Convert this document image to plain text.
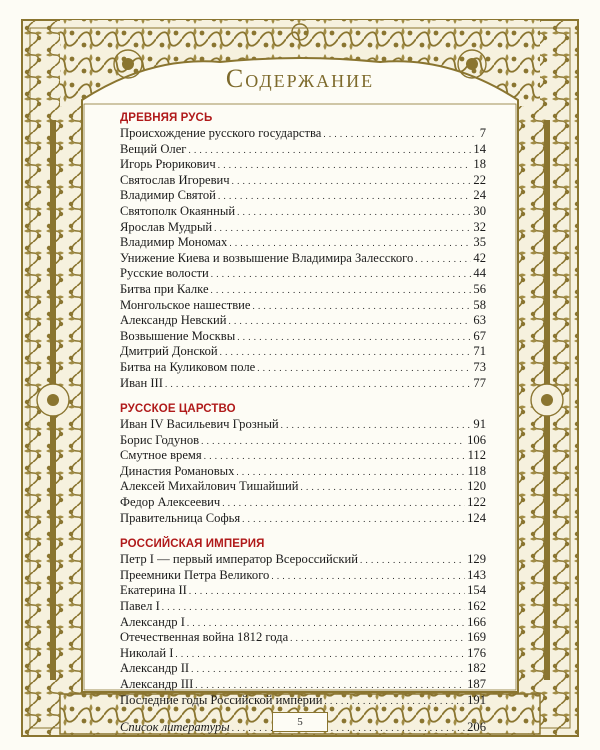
Содержание
ДРЕВНЯЯ РУСЬ
Происхождение русского государства . . .	7
Вещий Олег . . .	14
Игорь Рюрикович . . .	18
Святослав Игоревич . . .	22
Владимир Святой . . .	24
Святополк Окаянный . . .	30
Ярослав Мудрый . . .	32
Владимир Мономах . . .	35
Унижение Киева и возвышение Владимира Залесского . . .	42
Русские волости . . .	44
Битва при Калке . . .	56
Монгольское нашествие . . .	58
Александр Невский . . .	63
Возвышение Москвы . . .	67
Дмитрий Донской . . .	71
Битва на Куликовом поле . . .	73
Иван III . . .	77
РУССКОЕ ЦАРСТВО
Иван IV Васильевич Грозный . . .	91
Борис Годунов . . .	106
Смутное время . . .	112
Династия Романовых . . .	118
Алексей Михайлович Тишайший . . .	120
Федор Алексеевич . . .	122
Правительница Софья . . .	124
РОССИЙСКАЯ ИМПЕРИЯ
Петр I — первый император Всероссийский . . .	129
Преемники Петра Великого . . .	143
Екатерина II . . .	154
Павел I . . .	162
Александр I . . .	166
Отечественная война 1812 года . . .	169
Николай I . . .	176
Александр II . . .	182
Александр III . . .	187
Последние годы Российской империи . . .	191
Список литературы . . .	206
5
